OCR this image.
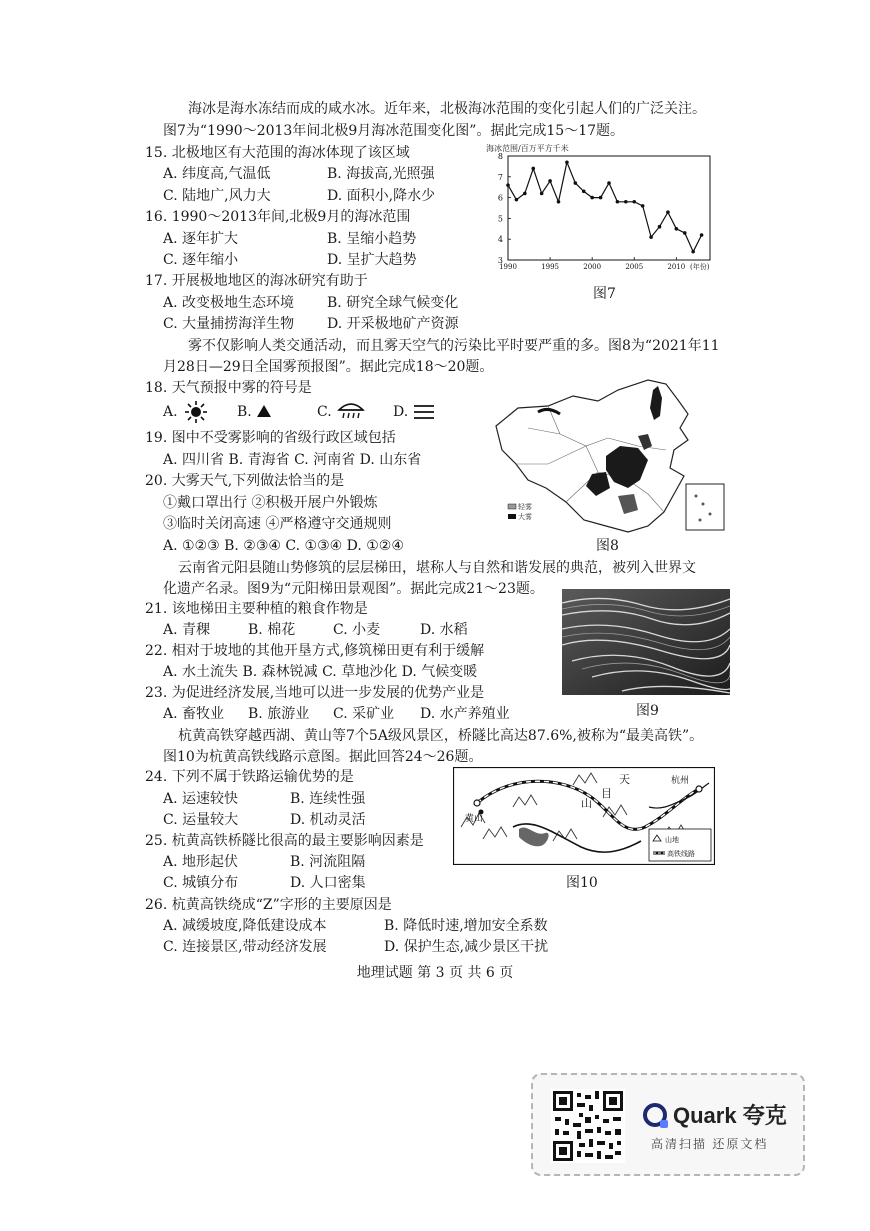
海冰是海水冻结而成的咸水冰。近年来，北极海冰范围的变化引起人们的广泛关注。
图7为“1990～2013年间北极9月海冰范围变化图”。据此完成15～17题。
15. 北极地区有大范围的海冰体现了该区域
A. 纬度高,气温低	B. 海拔高,光照强
C. 陆地广,风力大	D. 面积小,降水少
16. 1990～2013年间,北极9月的海冰范围
A. 逐年扩大	B. 呈缩小趋势
C. 逐年缩小	D. 呈扩大趋势
17. 开展极地地区的海冰研究有助于
A. 改变极地生态环境 B. 研究全球气候变化
C. 大量捕捞海洋生物 D. 开采极地矿产资源
海冰范围/百万平方千米
(年份)
3
4
5
6
7
8
1990	1995	2000	2005	2010
图7
雾不仅影响人类交通活动，而且雾天空气的污染比平时要严重的多。图8为“2021年11
月28日—29日全国雾预报图”。据此完成18～20题。
18. 天气预报中雾的符号是
A.	B.	C.	D.
19. 图中不受雾影响的省级行政区域包括
A. 四川省 B. 青海省 C. 河南省 D. 山东省
20. 大雾天气,下列做法恰当的是
①戴口罩出行 ②积极开展户外锻炼
③临时关闭高速 ④严格遵守交通规则
A. ①②③ B. ②③④ C. ①③④ D. ①②④
轻雾
大雾
图8
云南省元阳县随山势修筑的层层梯田，堪称人与自然和谐发展的典范，被列入世界文
化遗产名录。图9为“元阳梯田景观图”。据此完成21～23题。
21. 该地梯田主要种植的粮食作物是
A. 青稞	B. 棉花	C. 小麦	D. 水稻
22. 相对于坡地的其他开垦方式,修筑梯田更有利于缓解
A. 水土流失 B. 森林锐减 C. 草地沙化 D. 气候变暖
23. 为促进经济发展,当地可以进一步发展的优势产业是
A. 畜牧业 B. 旅游业 C. 采矿业 D. 水产养殖业	图9
杭黄高铁穿越西湖、黄山等7个5A级风景区，桥隧比高达87.6%,被称为“最美高铁”。
图10为杭黄高铁线路示意图。据此回答24～26题。
24. 下列不属于铁路运输优势的是
A. 运速较快	B. 连续性强
C. 运量较大	D. 机动灵活
25. 杭黄高铁桥隧比很高的最主要影响因素是
A. 地形起伏	B. 河流阻隔
C. 城镇分布	D. 人口密集
黄山
杭州
天
目
山
山地
高铁线路
图10
26. 杭黄高铁绕成“Z”字形的主要原因是
A. 减缓坡度,降低建设成本	B. 降低时速,增加安全系数
C. 连接景区,带动经济发展	D. 保护生态,减少景区干扰
地理试题 第 3 页 共 6 页
Quark 夸克
高清扫描 还原文档
